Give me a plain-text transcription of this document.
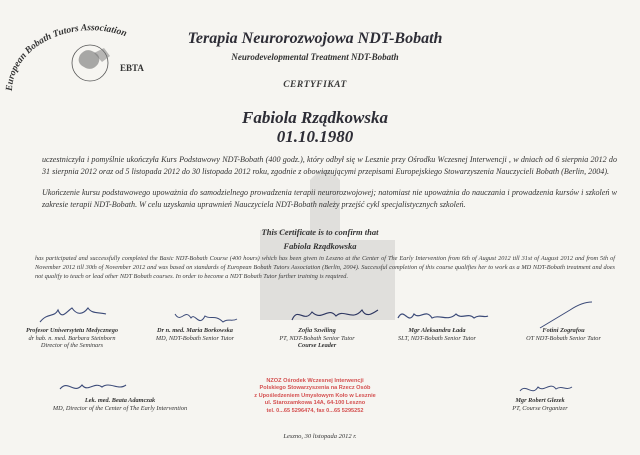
European Bobath Tutors Association
EBTA
Terapia Neurorozwojowa NDT-Bobath
Neurodevelopmental Treatment NDT-Bobath
CERTYFIKAT
Fabiola Rządkowska
01.10.1980
uczestniczyła i pomyślnie ukończyła Kurs Podstawowy NDT-Bobath (400 godz.), który odbył się w Lesznie przy Ośrodku Wczesnej Interwencji , w dniach od 6 sierpnia 2012 do 31 sierpnia 2012 oraz od 5 listopada 2012 do 30 listopada 2012 roku, zgodnie z obowiązującymi przepisami Europejskiego Stowarzyszenia Nauczycieli Bobath (Berlin, 2004).
Ukończenie kursu podstawowego upoważnia do samodzielnego prowadzenia terapii neurorozwojowej; natomiast nie upoważnia do nauczania i prowadzenia kursów i szkoleń w zakresie terapii NDT-Bobath. W celu uzyskania uprawnień Nauczyciela NDT-Bobath należy przejść cykl specjalistycznych szkoleń.
This Certificate is to confirm that
Fabiola Rządkowska
has participated and successfully completed the Basic NDT-Bobath Course (400 hours) which has been given in Leszno at the Center of The Early Intervention from 6th of August 2012 till 31st of August 2012 and from 5th of November 2012 till 30th of November 2012 and was based on standards of European Bobath Tutors Association (Berlin, 2004). Successful completion of this course qualifies her to work as a MD NDT-Bobath treatment and does not qualify to teach or lead other NDT Bobath courses. In order to become a NDT Bobath Tutor further training is required.
Profesor Uniwersytetu Medycznego
dr hab. n. med. Barbara Steinborn
Director of the Seminars
Dr n. med. Maria Borkowska
MD, NDT-Bobath Senior Tutor
Zofia Szwiling
PT, NDT-Bobath Senior Tutor
Course Leader
Mgr Aleksandra Łada
SLT, NDT-Bobath Senior Tutor
Fotini Zografou
OT NDT-Bobath Senior Tutor
Lek. med. Beata Adamczak
MD, Director of the Center of The Early Intervention
Mgr Robert Glezek
PT, Course Organizer
NZOZ Ośrodek Wczesnej Interwencji
Polskiego Stowarzyszenia na Rzecz Osób
z Upośledzeniem Umysłowym Koło w Lesznie
ul. Starozamkowa 14A, 64-100 Leszno
tel. 0...65 5296474, fax 0...65 5295252
Leszno, 30 listopada 2012 r.
